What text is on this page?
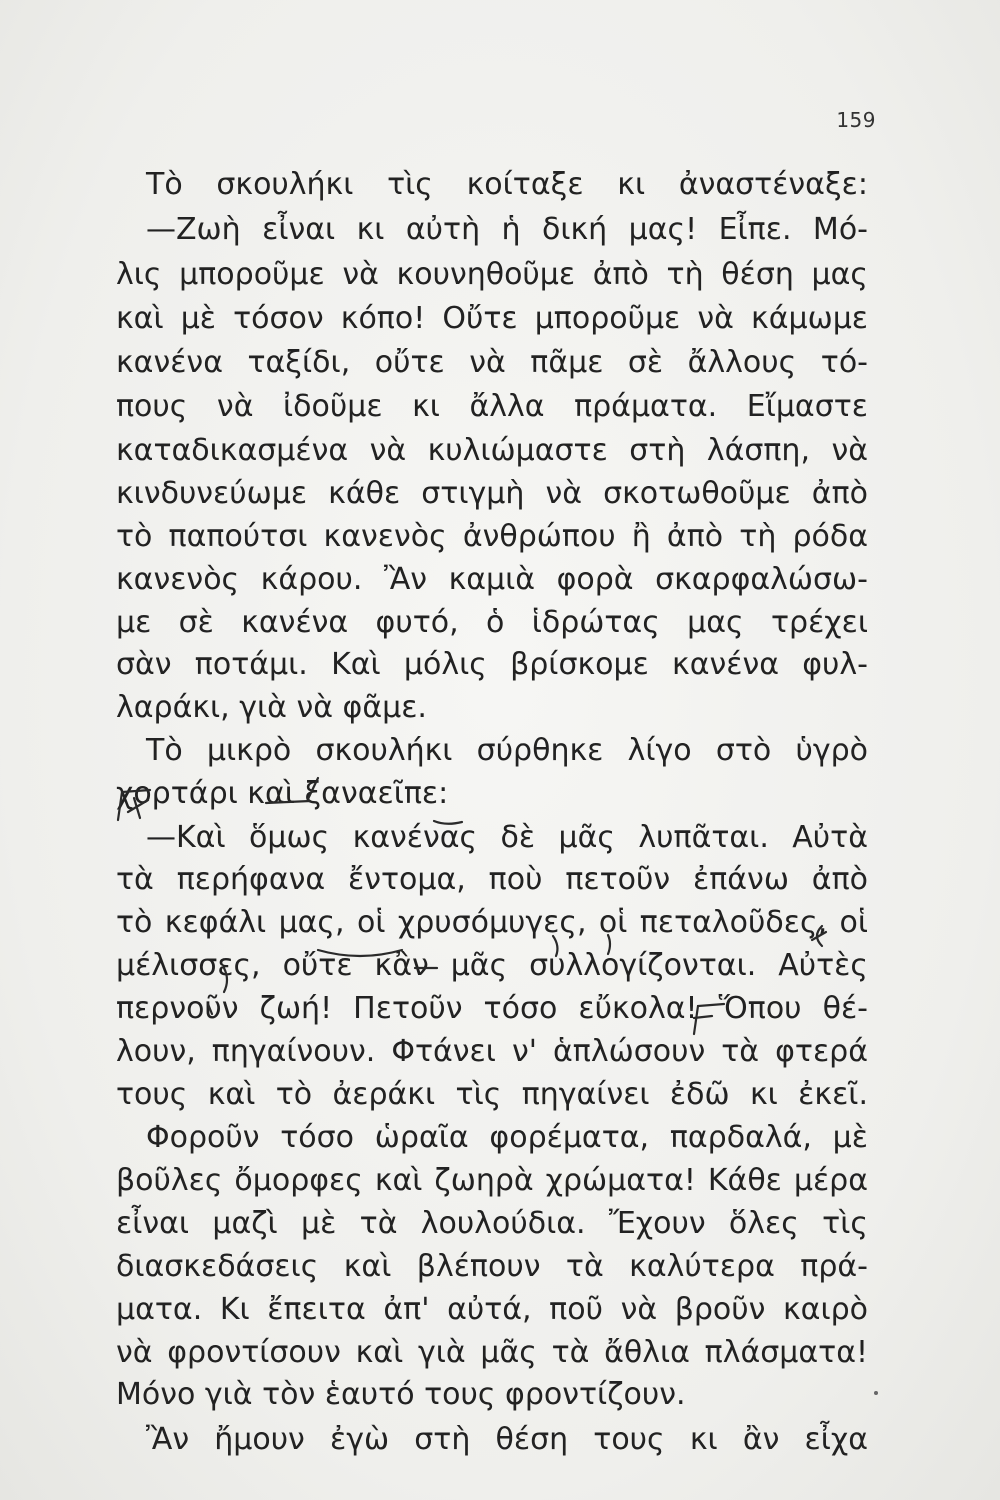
159
Τὸ σκουλήκι τὶς κοίταξε κι ἀναστέναξε:
—Ζωὴ εἶναι κι αὐτὴ ἡ δική μας! Εἶπε. Μό-
λις μποροῦμε νὰ κουνηθοῦμε ἀπὸ τὴ θέση μας
καὶ μὲ τόσον κόπο! Οὔτε μποροῦμε νὰ κάμωμε
κανένα ταξίδι, οὔτε νὰ πᾶμε σὲ ἄλλους τό-
πους νὰ ἰδοῦμε κι ἄλλα πράματα. Εἴμαστε
καταδικασμένα νὰ κυλιώμαστε στὴ λάσπη, νὰ
κινδυνεύωμε κάθε στιγμὴ νὰ σκοτωθοῦμε ἀπὸ
τὸ παπούτσι κανενὸς ἀνθρώπου ἢ ἀπὸ τὴ ρόδα
κανενὸς κάρου. Ἂν καμιὰ φορὰ σκαρφαλώσω-
με σὲ κανένα φυτό, ὁ ἱδρώτας μας τρέχει
σὰν ποτάμι. Καὶ μόλις βρίσκομε κανένα φυλ-
λαράκι, γιὰ νὰ φᾶμε.
Τὸ μικρὸ σκουλήκι σύρθηκε λίγο στὸ ὑγρὸ
χορτάρι καὶ ξαναεῖπε:
—Καὶ ὅμως κανένας δὲ μᾶς λυπᾶται. Αὐτὰ
τὰ περήφανα ἔντομα, ποὺ πετοῦν ἐπάνω ἀπὸ
τὸ κεφάλι μας, οἱ χρυσόμυγες, οἱ πεταλοῦδες, οἱ
μέλισσες, οὔτε κἂν μᾶς συλλογίζονται. Αὐτὲς
περνοῦν ζωή! Πετοῦν τόσο εὔκολα! Ὅπου θέ-
λουν, πηγαίνουν. Φτάνει ν' ἁπλώσουν τὰ φτερά
τους καὶ τὸ ἀεράκι τὶς πηγαίνει ἐδῶ κι ἐκεῖ.
Φοροῦν τόσο ὡραῖα φορέματα, παρδαλά, μὲ
βοῦλες ὄμορφες καὶ ζωηρὰ χρώματα! Κάθε μέρα
εἶναι μαζὶ μὲ τὰ λουλούδια. Ἔχουν ὅλες τὶς
διασκεδάσεις καὶ βλέπουν τὰ καλύτερα πρά-
ματα. Κι ἔπειτα ἀπ' αὐτά, ποῦ νὰ βροῦν καιρὸ
νὰ φροντίσουν καὶ γιὰ μᾶς τὰ ἄθλια πλάσματα!
Μόνο γιὰ τὸν ἑαυτό τους φροντίζουν.
Ἂν ἤμουν ἐγὼ στὴ θέση τους κι ἂν εἶχα
